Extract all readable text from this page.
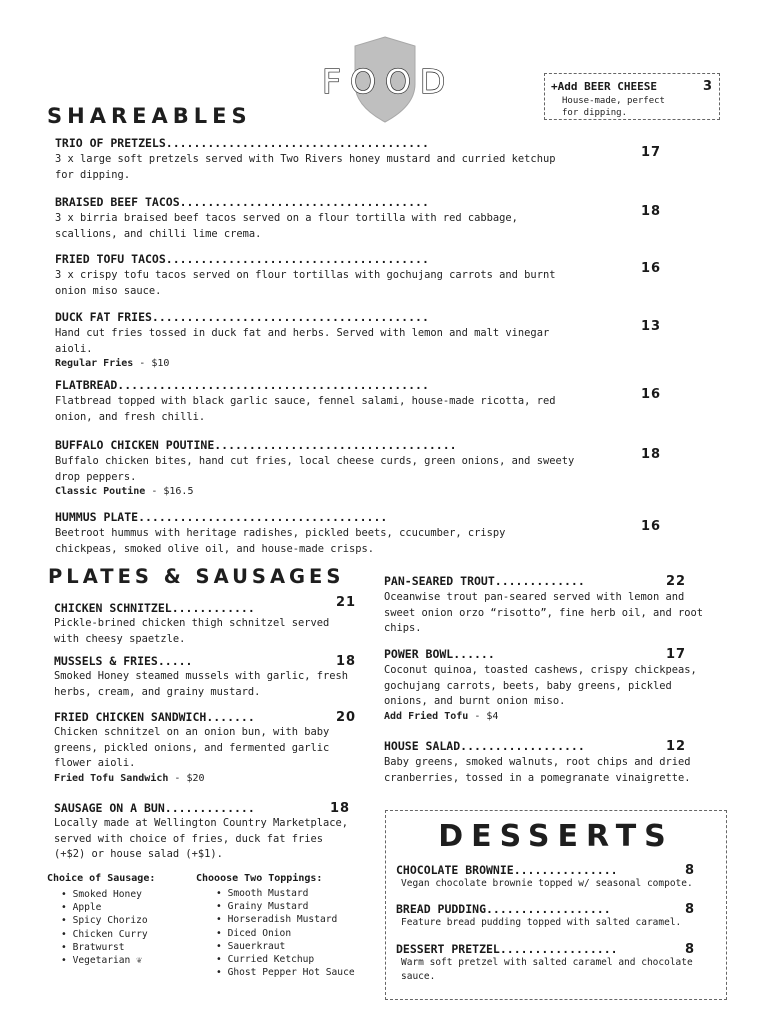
FOOD	+Add BEER CHEESE	3
House-made, perfect for dipping.
SHAREABLES
TRIO OF PRETZELS......................................
3 x large soft pretzels served with Two Rivers honey mustard and curried ketchup for dipping.
17
BRAISED BEEF TACOS....................................
3 x birria braised beef tacos served on a flour tortilla with red cabbage, scallions, and chilli lime crema.
18
FRIED TOFU TACOS......................................
3 x crispy tofu tacos served on flour tortillas with gochujang carrots and burnt onion miso sauce.
16
DUCK FAT FRIES........................................
Hand cut fries tossed in duck fat and herbs. Served with lemon and malt vinegar aioli.
Regular Fries - $10
13
FLATBREAD.............................................
Flatbread topped with black garlic sauce, fennel salami, house-made ricotta, red onion, and fresh chilli.
16
BUFFALO CHICKEN POUTINE...................................
Buffalo chicken bites, hand cut fries, local cheese curds, green onions, and sweety drop peppers.
Classic Poutine - $16.5
18
HUMMUS PLATE....................................
Beetroot hummus with heritage radishes, pickled beets, ccucumber, crispy chickpeas, smoked olive oil, and house-made crisps.
16
PLATES & SAUSAGES
CHICKEN SCHNITZEL............
Pickle-brined chicken thigh schnitzel served with cheesy spaetzle.
21
MUSSELS & FRIES.....
Smoked Honey steamed mussels with garlic, fresh herbs, cream, and grainy mustard.
18
FRIED CHICKEN SANDWICH.......
Chicken schnitzel on an onion bun, with baby greens, pickled onions, and fermented garlic flower aioli.
Fried Tofu Sandwich - $20
20
SAUSAGE ON A BUN.............
Locally made at Wellington Country Marketplace, served with choice of fries, duck fat fries (+$2) or house salad (+$1).
18
Choice of Sausage:
• Smoked Honey
• Apple
• Spicy Chorizo
• Chicken Curry
• Bratwurst
• Vegetarian ❦
Chooose Two Toppings:
• Smooth Mustard
• Grainy Mustard
• Horseradish Mustard
• Diced Onion
• Sauerkraut
• Curried Ketchup
• Ghost Pepper Hot Sauce
PAN-SEARED TROUT.............
Oceanwise trout pan-seared served with lemon and sweet onion orzo “risotto”, fine herb oil, and root chips.
22
POWER BOWL......
Coconut quinoa, toasted cashews, crispy chickpeas, gochujang carrots, beets, baby greens, pickled onions, and burnt onion miso.
Add Fried Tofu - $4
17
HOUSE SALAD..................
Baby greens, smoked walnuts, root chips and dried cranberries, tossed in a pomegranate vinaigrette.
12
DESSERTS
CHOCOLATE BROWNIE...............
Vegan chocolate brownie topped w/ seasonal compote.
8
BREAD PUDDING..................
Feature bread pudding topped with salted caramel.
8
DESSERT PRETZEL.................
Warm soft pretzel with salted caramel and chocolate sauce.
8
